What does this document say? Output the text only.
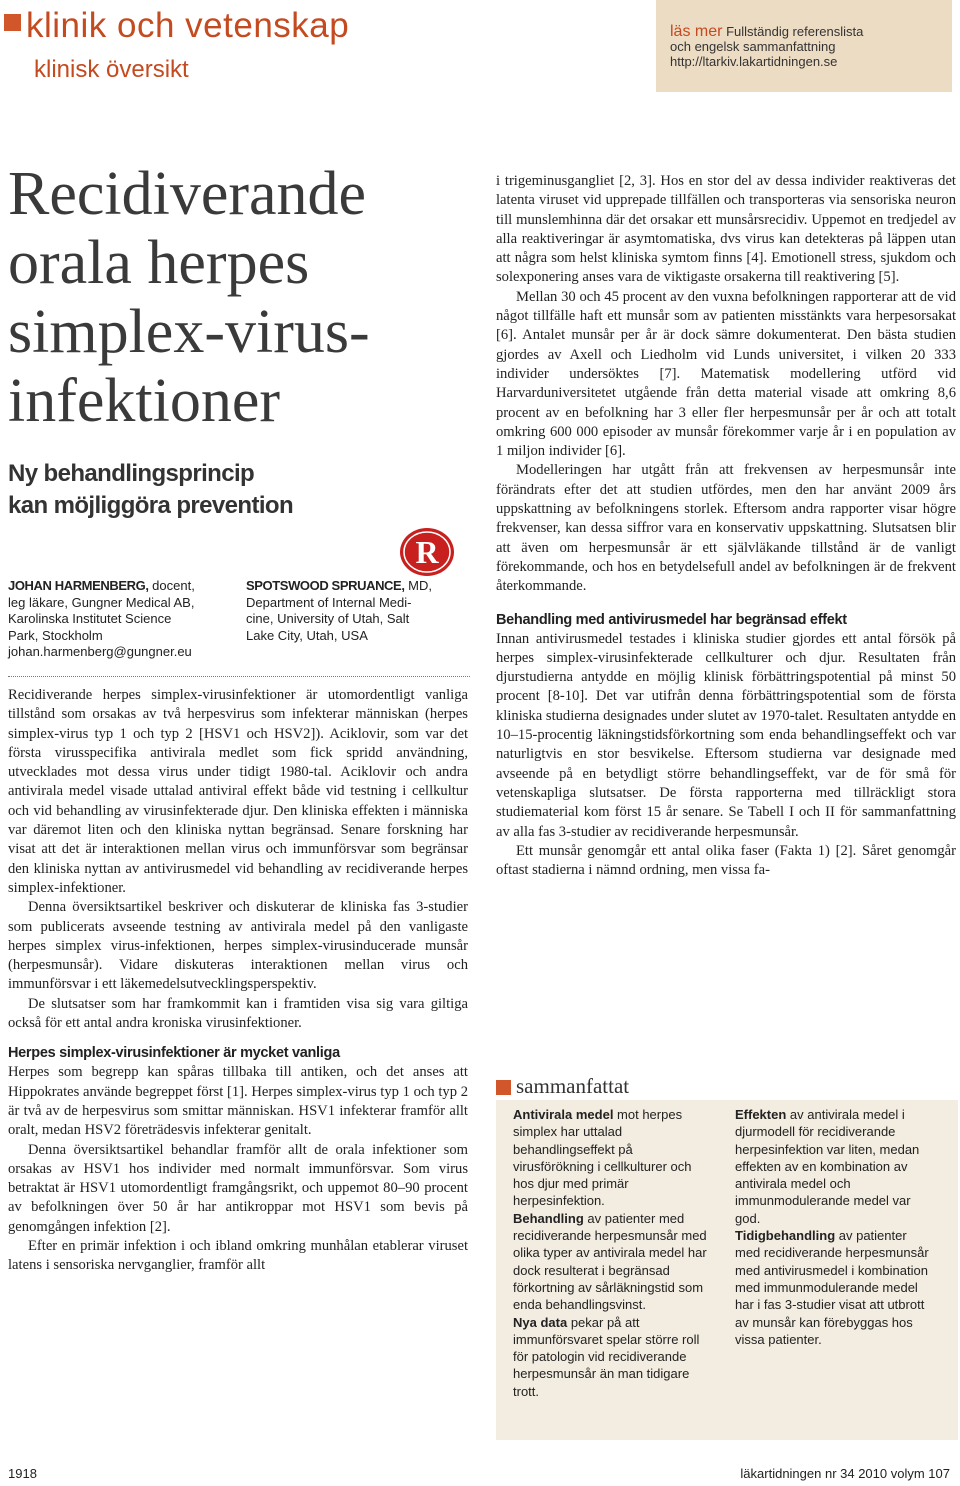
klinik och vetenskap
klinisk översikt
läs mer Fullständig referenslista
och engelsk sammanfattning
http://ltarkiv.lakartidningen.se
Recidiverande
orala herpes
simplex-virus-
infektioner
Ny behandlingsprincip
kan möjliggöra prevention
R
JOHAN HARMENBERG, docent,
leg läkare, Gungner Medical AB,
Karolinska Institutet Science
Park, Stockholm
johan.harmenberg@gungner.eu
SPOTSWOOD SPRUANCE, MD,
Department of Internal Medi-
cine, University of Utah, Salt
Lake City, Utah, USA

Recidiverande herpes simplex-virusinfektioner är utomordentligt vanliga tillstånd som orsakas av två herpesvirus som infekterar människan (herpes simplex-virus typ 1 och typ 2 [HSV1 och HSV2]). Aciklovir, som var det första virusspecifika antivirala medlet som fick spridd användning, utvecklades mot dessa virus under tidigt 1980-tal. Aciklovir och andra antivirala medel visade uttalad antiviral effekt både vid testning i cellkultur och vid behandling av virusinfekterade djur. Den kliniska effekten i människa var däremot liten och den kliniska nyttan begränsad. Senare forskning har visat att det är interaktionen mellan virus och immunförsvar som begränsar den kliniska nyttan av antivirusmedel vid behandling av recidiverande herpes simplex-infektioner.

Denna översiktsartikel beskriver och diskuterar de kliniska fas 3-studier som publicerats avseende testning av antivirala medel på den vanligaste herpes simplex virus-infektionen, herpes simplex-virusinducerade munsår (herpesmunsår). Vidare diskuteras interaktionen mellan virus och immunförsvar i ett läkemedelsutvecklingsperspektiv.

De slutsatser som har framkommit kan i framtiden visa sig vara giltiga också för ett antal andra kroniska virusinfektioner.

Herpes simplex-virusinfektioner är mycket vanliga

Herpes som begrepp kan spåras tillbaka till antiken, och det anses att Hippokrates använde begreppet först [1]. Herpes simplex-virus typ 1 och typ 2 är två av de herpesvirus som smittar människan. HSV1 infekterar framför allt oralt, medan HSV2 företrädesvis infekterar genitalt.

Denna översiktsartikel behandlar framför allt de orala infektioner som orsakas av HSV1 hos individer med normalt immunförsvar. Som virus betraktat är HSV1 utomordentligt framgångsrikt, och uppemot 80–90 procent av befolkningen över 50 år har antikroppar mot HSV1 som bevis på genomgången infektion [2].

Efter en primär infektion i och ibland omkring munhålan etablerar viruset latens i sensoriska nervganglier, framför allt

i trigeminusgangliet [2, 3]. Hos en stor del av dessa individer reaktiveras det latenta viruset vid upprepade tillfällen och transporteras via sensoriska neuron till munslemhinna där det orsakar ett munsårsrecidiv. Uppemot en tredjedel av alla reaktiveringar är asymtomatiska, dvs virus kan detekteras på läppen utan att några som helst kliniska symtom finns [4]. Emotionell stress, sjukdom och solexponering anses vara de viktigaste orsakerna till reaktivering [5].

Mellan 30 och 45 procent av den vuxna befolkningen rapporterar att de vid något tillfälle haft ett munsår som av patienten misstänkts vara herpesorsakat [6]. Antalet munsår per år är dock sämre dokumenterat. Den bästa studien gjordes av Axell och Liedholm vid Lunds universitet, i vilken 20 333 individer undersöktes [7]. Matematisk modellering utförd vid Harvarduniversitetet utgående från detta material visade att omkring 8,6 procent av en befolkning har 3 eller fler herpesmunsår per år och att totalt omkring 600 000 episoder av munsår förekommer varje år i en population av 1 miljon individer [6].

Modelleringen har utgått från att frekvensen av herpesmunsår inte förändrats efter det att studien utfördes, men den har använt 2009 års uppskattning av befolkningens storlek. Eftersom andra rapporter visar högre frekvenser, kan dessa siffror vara en konservativ uppskattning. Slutsatsen blir att även om herpesmunsår är ett självläkande tillstånd är de vanligt förekommande, och hos en betydelsefull andel av befolkningen är de frekvent återkommande.

Behandling med antivirusmedel har begränsad effekt

Innan antivirusmedel testades i kliniska studier gjordes ett antal försök på herpes simplex-virusinfekterade cellkulturer och djur. Resultaten från djurstudierna antydde en möjlig klinisk förbättringspotential på minst 50 procent [8-10]. Det var utifrån denna förbättringspotential som de första kliniska studierna designades under slutet av 1970-talet. Resultaten antydde en 10–15-procentig läkningstidsförkortning som enda behandlingseffekt och var naturligtvis en stor besvikelse. Eftersom studierna var designade med avseende på en betydligt större behandlingseffekt, var de för små för vetenskapliga slutsatser. De första rapporterna med tillräckligt stora studiematerial kom först 15 år senare. Se Tabell I och II för sammanfattning av alla fas 3-studier av recidiverande herpesmunsår.

Ett munsår genomgår ett antal olika faser (Fakta 1) [2]. Såret genomgår oftast stadierna i nämnd ordning, men vissa fa-

sammanfattat

Antivirala medel mot herpes simplex har uttalad behandlingseffekt på virusförökning i cellkulturer och hos djur med primär herpesinfektion.

Behandling av patienter med recidiverande herpesmunsår med olika typer av antivirala medel har dock resulterat i begränsad förkortning av sårläkningstid som enda behandlingsvinst.

Nya data pekar på att immunförsvaret spelar större roll för patologin vid recidiverande herpesmunsår än man tidigare trott.

Effekten av antivirala medel i djurmodell för recidiverande herpesinfektion var liten, medan effekten av en kombination av antivirala medel och immunmodulerande medel var god.

Tidigbehandling av patienter med recidiverande herpesmunsår med antivirusmedel i kombination med immunmodulerande medel har i fas 3-studier visat att utbrott av munsår kan förebyggas hos vissa patienter.

1918	läkartidningen nr 34 2010 volym 107
